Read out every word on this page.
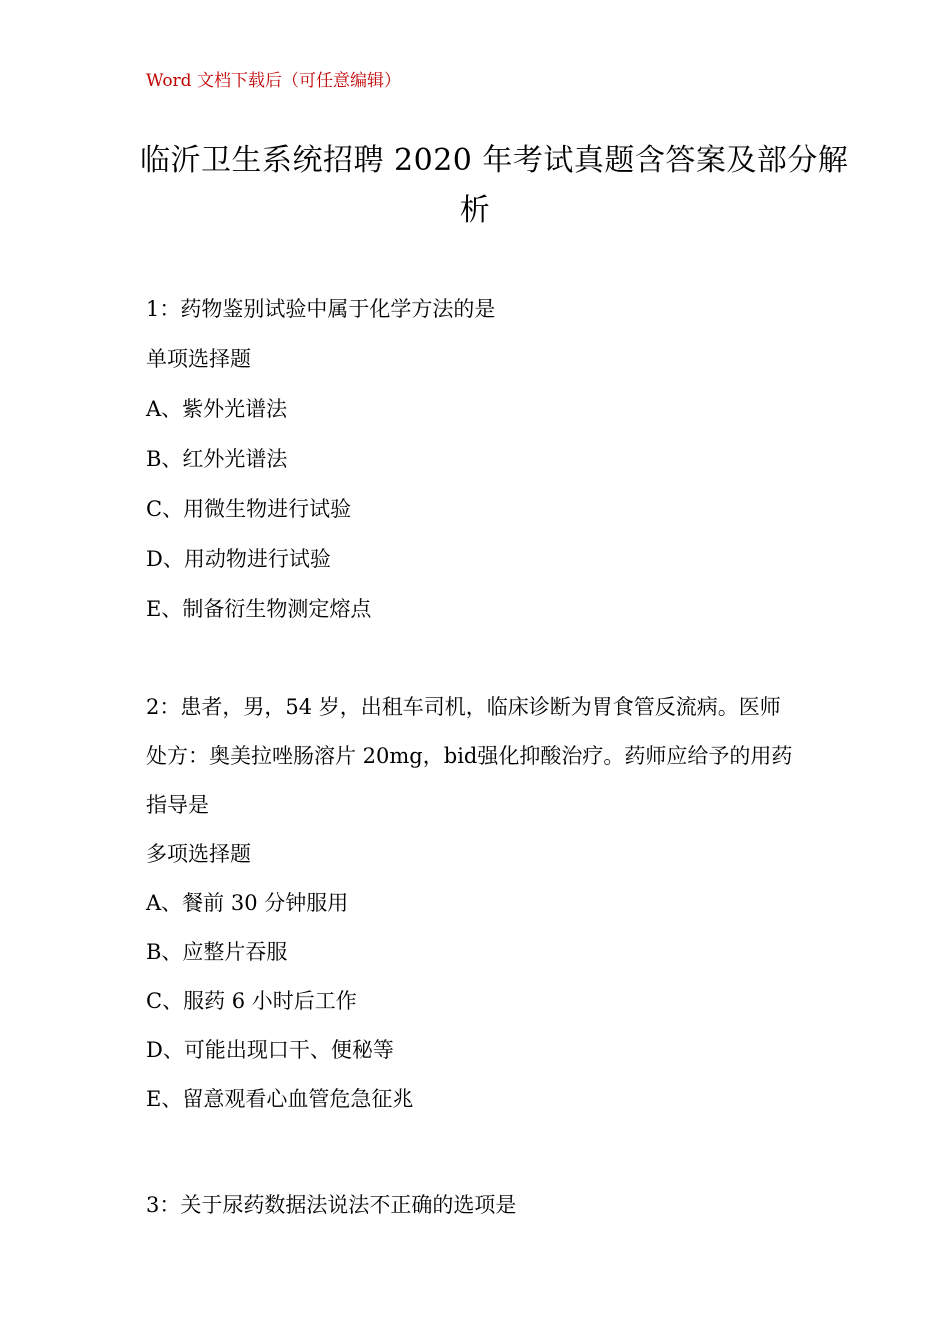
Word 文档下载后（可任意编辑）
临沂卫生系统招聘 2020 年考试真题含答案及部分解
析
1：药物鉴别试验中属于化学方法的是
单项选择题
A、紫外光谱法
B、红外光谱法
C、用微生物进行试验
D、用动物进行试验
E、制备衍生物测定熔点
2：患者，男，54 岁，出租车司机，临床诊断为胃食管反流病。医师
处方：奥美拉唑肠溶片 20mg，bid强化抑酸治疗。药师应给予的用药
指导是
多项选择题
A、餐前 30 分钟服用
B、应整片吞服
C、服药 6 小时后工作
D、可能出现口干、便秘等
E、留意观看心血管危急征兆
3：关于尿药数据法说法不正确的选项是
